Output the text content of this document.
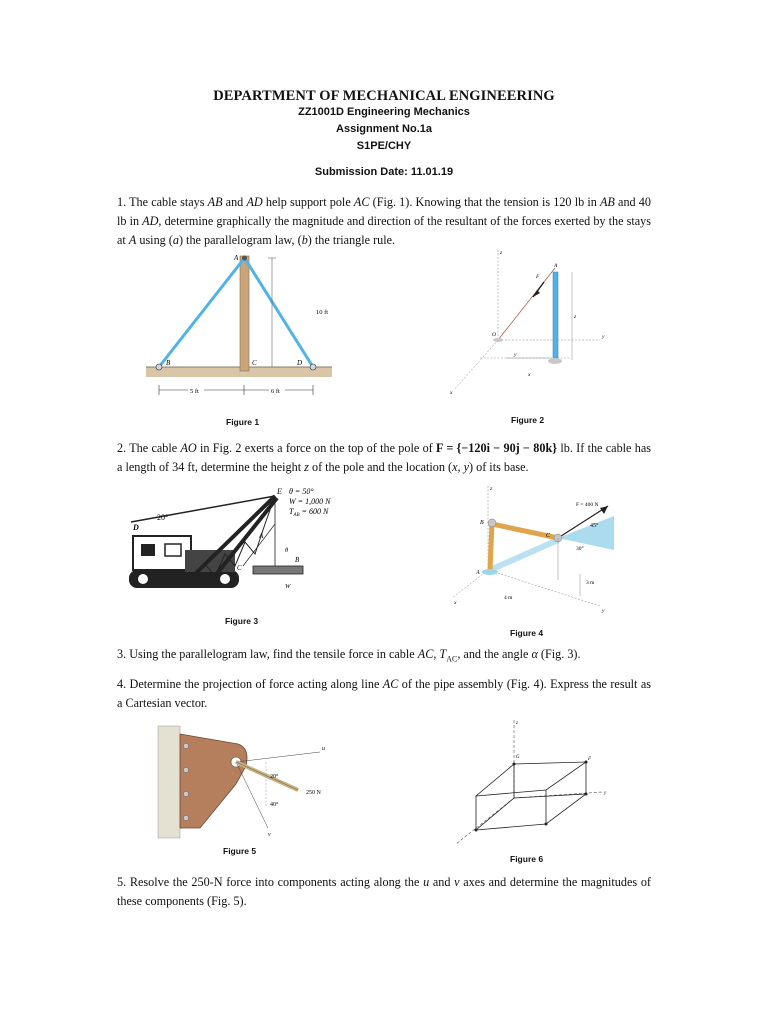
DEPARTMENT OF MECHANICAL ENGINEERING
ZZ1001D Engineering Mechanics
Assignment No.1a
S1PE/CHY
Submission Date: 11.01.19
1. The cable stays AB and AD help support pole AC (Fig. 1). Knowing that the tension is 120 lb in AB and 40 lb in AD, determine graphically the magnitude and direction of the resultant of the forces exerted by the stays at A using (a) the parallelogram law, (b) the triangle rule.
A
B	C	D
10 ft
5 ft	6 ft
z
x
y
A
O
F
y
z
x
Figure 1	Figure 2
2. The cable AO in Fig. 2 exerts a force on the top of the pole of F = {−120i − 90j − 80k} lb. If the cable has a length of 34 ft, determine the height z of the pole and the location (x, y) of its base.
20°
D
E
A
B
C
θ
W
θ = 50°
W = 1,000 N
$T_{AB} = 600$ N
F = 400 N
45°
30°
3 m
4 m
A
B
C
z
x
y
Figure 3
Figure 4
3. Using the parallelogram law, find the tensile force in cable AC, $T_{AC}$, and the angle α (Fig. 3).
4. Determine the projection of force acting along line AC of the pipe assembly (Fig. 4). Express the result as a Cartesian vector.
20°
40°
250 N
u
v
z
y
G	F
Figure 5
Figure 6
5. Resolve the 250-N force into components acting along the u and v axes and determine the magnitudes of these components (Fig. 5).
